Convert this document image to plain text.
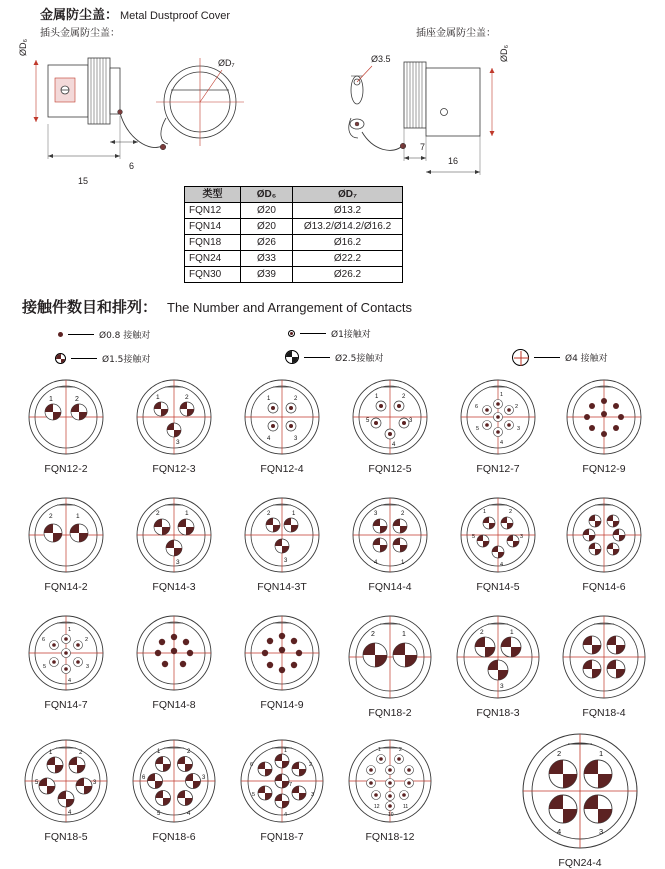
金属防尘盖： Metal Dustproof Cover
插头金属防尘盖：	插座金属防尘盖：
ØD₆
ØD₇
15
6
Ø3.5	ØD₆
7
16
类型	ØD₆	ØD₇
FQN12	Ø20	Ø13.2
FQN14	Ø20	Ø13.2/Ø14.2/Ø16.2
FQN18	Ø26	Ø16.2
FQN24	Ø33	Ø22.2
FQN30	Ø39	Ø26.2
接触件数目和排列： The Number and Arrangement of Contacts
Ø0.8 接触对	Ø1接触对
Ø1.5接触对	Ø2.5接触对	Ø4 接触对
1	2
FQN12-2
1	2
3
FQN12-3
1	2
3
4
FQN12-4
1	2
3
4
5
FQN12-5
1
2
3
4
5
6
FQN12-7	FQN12-9
2	1
FQN14-2
2	1
3
FQN14-3
2	1
3
FQN14-3T
3	2
1
4
FQN14-4
1	2
3
4
5
FQN14-5	FQN14-6
1
2
3
4
5
6
FQN14-7	FQN14-8	FQN14-9
2	1
FQN18-2
2	1
3
FQN18-3	FQN18-4
1	2
3
4
5
FQN18-5
1	2
3
4
5
6
FQN18-6
1
2
3
4
5
6
7
FQN18-7
1	2
12
10
11
FQN18-12
2	1
4	3
FQN24-4
